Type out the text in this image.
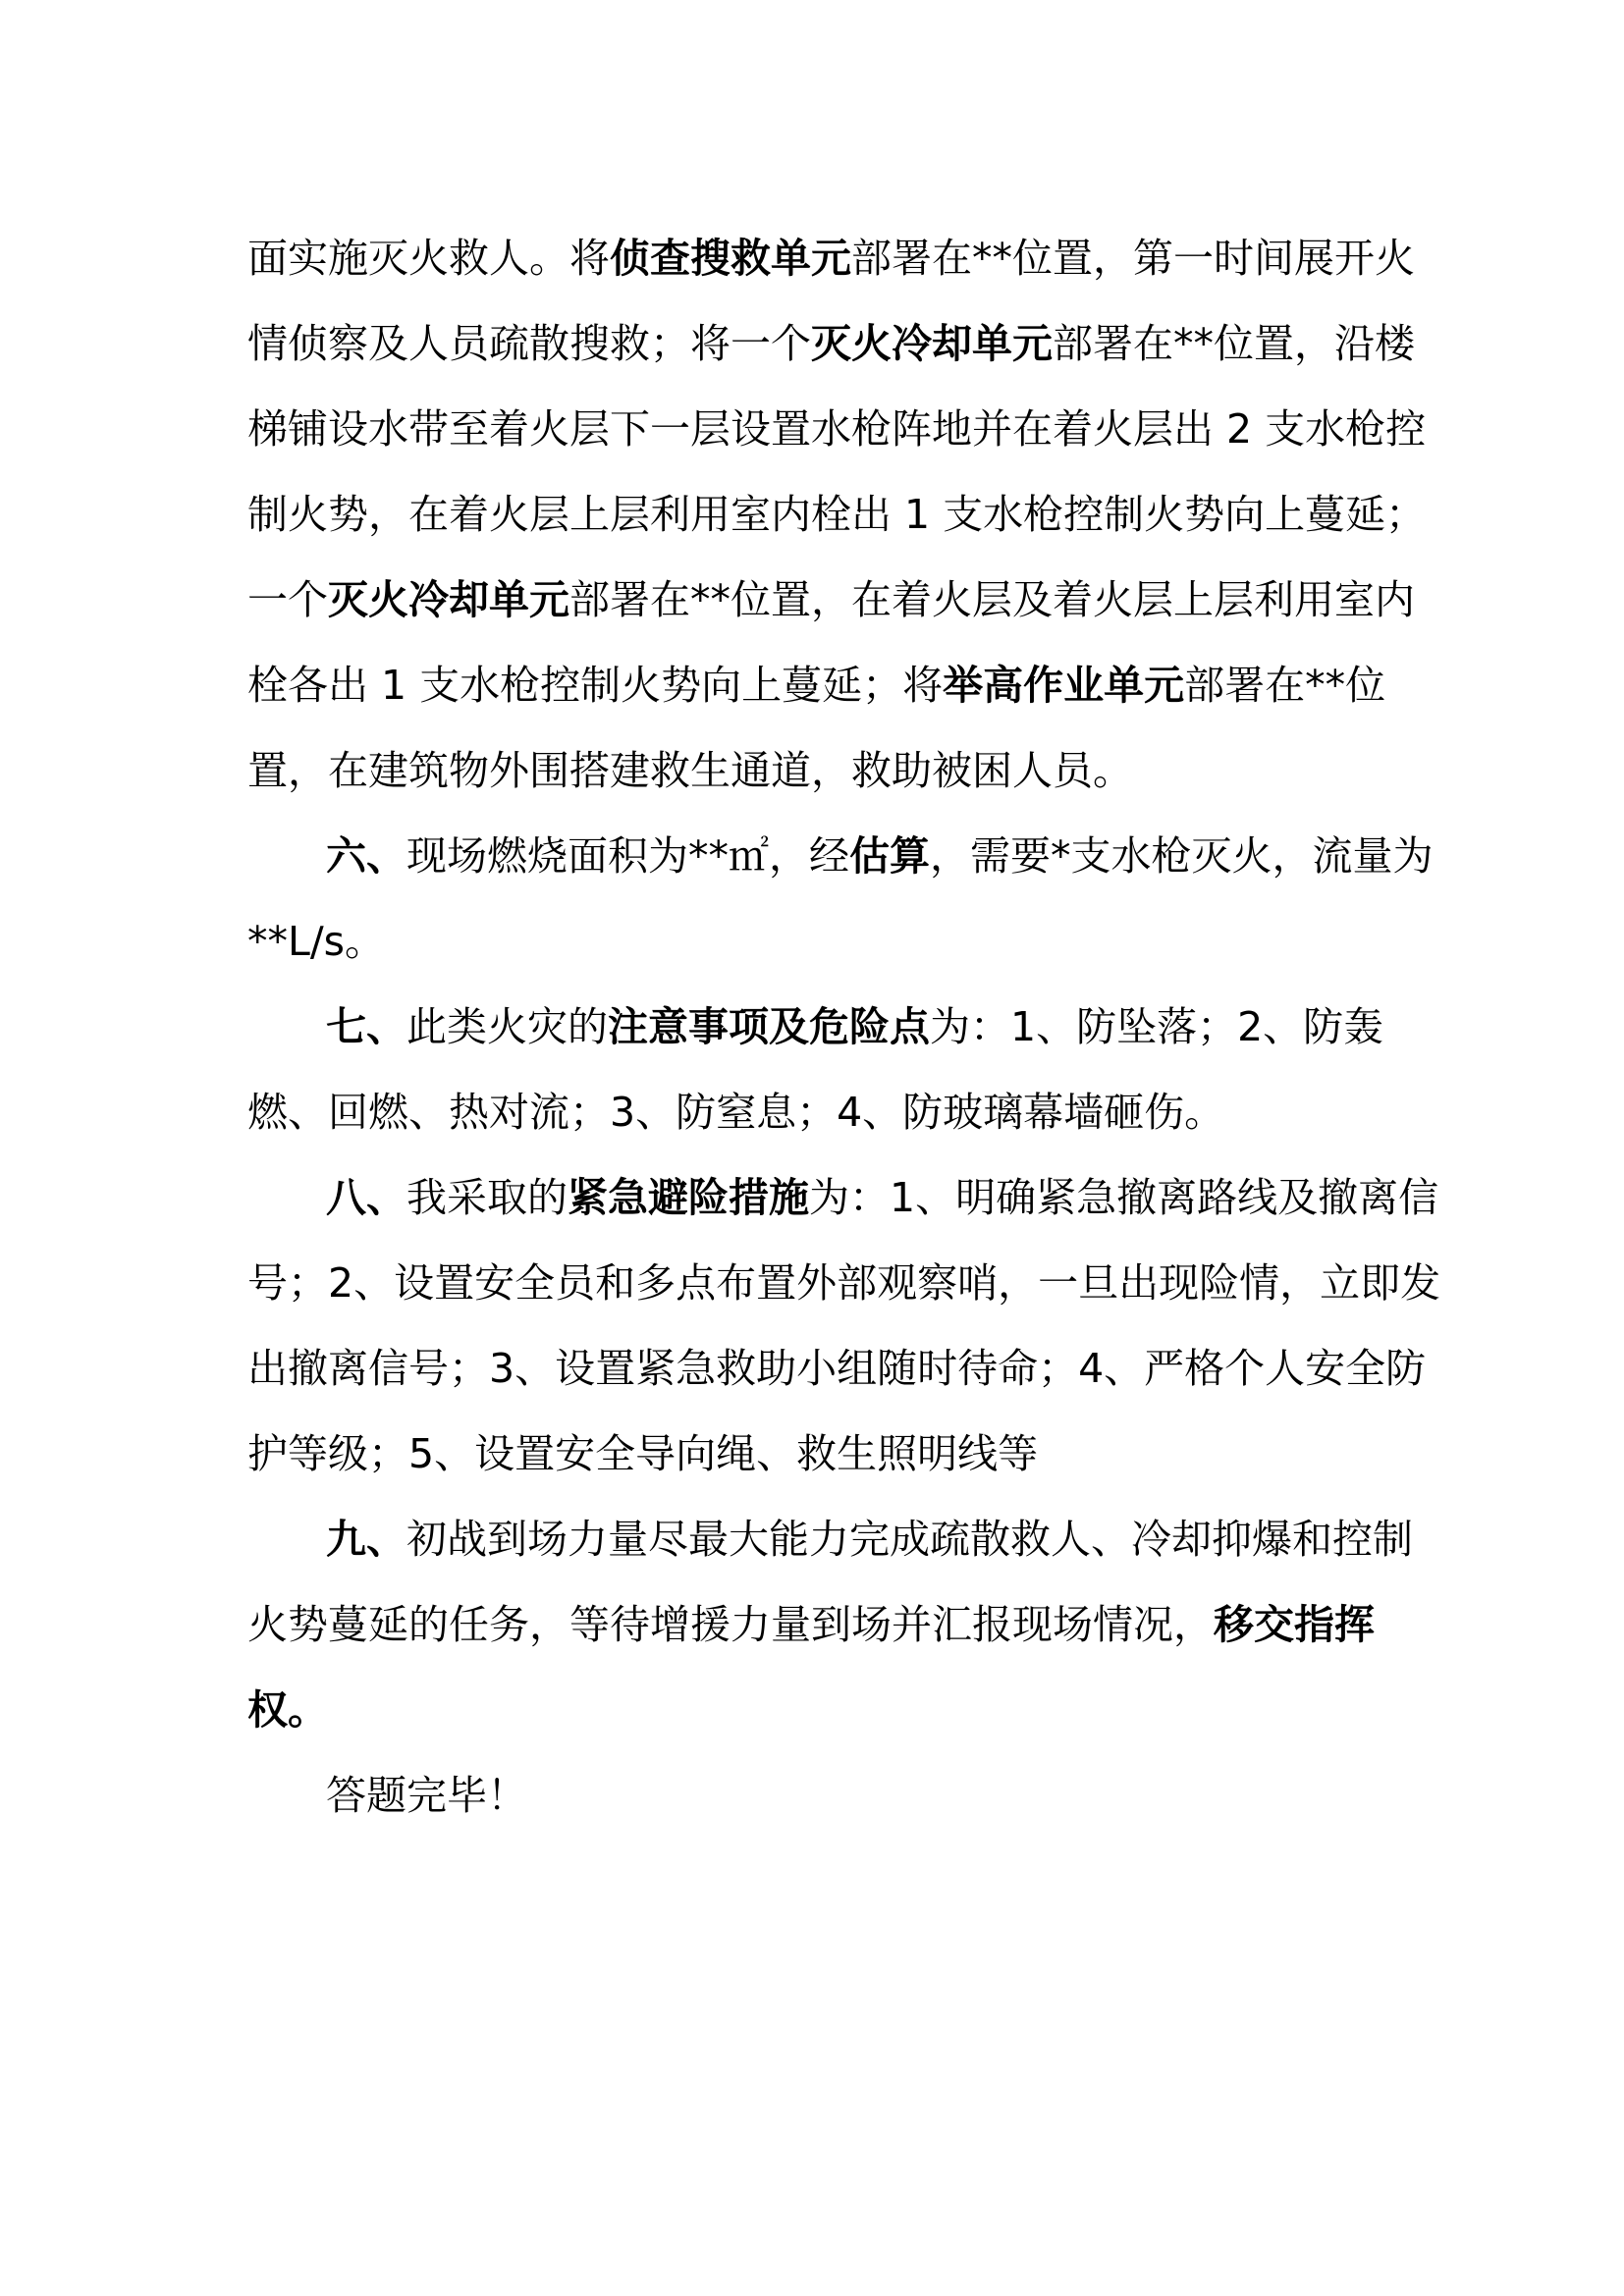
面实施灭火救人。将侦查搜救单元部署在**位置，第一时间展开火
情侦察及人员疏散搜救；将一个灭火冷却单元部署在**位置，沿楼
梯铺设水带至着火层下一层设置水枪阵地并在着火层出 2 支水枪控
制火势，在着火层上层利用室内栓出 1 支水枪控制火势向上蔓延；
一个灭火冷却单元部署在**位置，在着火层及着火层上层利用室内
栓各出 1 支水枪控制火势向上蔓延；将举高作业单元部署在**位
置，在建筑物外围搭建救生通道，救助被困人员。
六、现场燃烧面积为**㎡，经估算，需要*支水枪灭火，流量为
**L/s。
七、此类火灾的注意事项及危险点为：1、防坠落；2、防轰
燃、回燃、热对流；3、防窒息；4、防玻璃幕墙砸伤。
八、我采取的紧急避险措施为：1、明确紧急撤离路线及撤离信
号；2、设置安全员和多点布置外部观察哨，一旦出现险情，立即发
出撤离信号；3、设置紧急救助小组随时待命；4、严格个人安全防
护等级；5、设置安全导向绳、救生照明线等
九、初战到场力量尽最大能力完成疏散救人、冷却抑爆和控制
火势蔓延的任务，等待增援力量到场并汇报现场情况，移交指挥
权。
答题完毕！
